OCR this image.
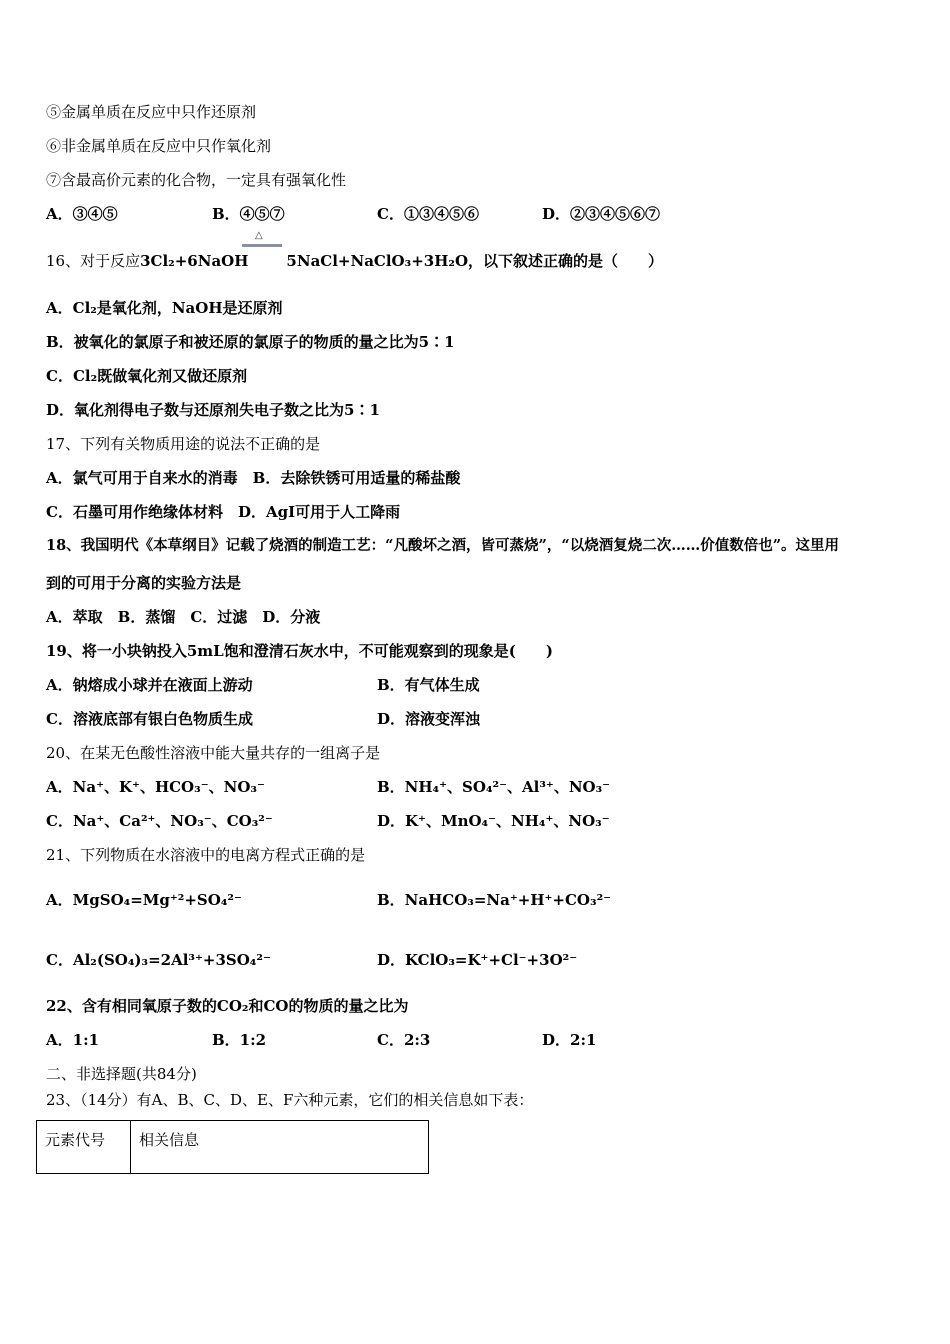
⑤金属单质在反应中只作还原剂
⑥非金属单质在反应中只作氧化剂
⑦含最高价元素的化合物，一定具有强氧化性
A．③④⑤	B．④⑤⑦	C．①③④⑤⑥	D．②③④⑤⑥⑦
16、对于反应3Cl₂+6NaOH	5NaCl+NaClO₃+3H₂O，以下叙述正确的是（　　）
△
A．Cl₂是氧化剂，NaOH是还原剂
B．被氧化的氯原子和被还原的氯原子的物质的量之比为5∶1
C．Cl₂既做氧化剂又做还原剂
D．氧化剂得电子数与还原剂失电子数之比为5∶1
17、下列有关物质用途的说法不正确的是
A．氯气可用于自来水的消毒　B．去除铁锈可用适量的稀盐酸
C．石墨可用作绝缘体材料　D．AgI可用于人工降雨
18、我国明代《本草纲目》记载了烧酒的制造工艺：“凡酸坏之酒，皆可蒸烧”，“以烧酒复烧二次……价值数倍也”。这里用
到的可用于分离的实验方法是
A．萃取　B．蒸馏　C．过滤　D．分液
19、将一小块钠投入5mL饱和澄清石灰水中，不可能观察到的现象是(　　)
A．钠熔成小球并在液面上游动	B．有气体生成
C．溶液底部有银白色物质生成	D．溶液变浑浊
20、在某无色酸性溶液中能大量共存的一组离子是
A．Na⁺、K⁺、HCO₃⁻、NO₃⁻	B．NH₄⁺、SO₄²⁻、Al³⁺、NO₃⁻
C．Na⁺、Ca²⁺、NO₃⁻、CO₃²⁻	D．K⁺、MnO₄⁻、NH₄⁺、NO₃⁻
21、下列物质在水溶液中的电离方程式正确的是
A．MgSO₄=Mg⁺²+SO₄²⁻	B．NaHCO₃=Na⁺+H⁺+CO₃²⁻
C．Al₂(SO₄)₃=2Al³⁺+3SO₄²⁻	D．KClO₃=K⁺+Cl⁻+3O²⁻
22、含有相同氧原子数的CO₂和CO的物质的量之比为
A．1:1	B．1:2	C．2:3	D．2:1
二、非选择题(共84分)
23、（14分）有A、B、C、D、E、F六种元素，它们的相关信息如下表：
元素代号	相关信息
